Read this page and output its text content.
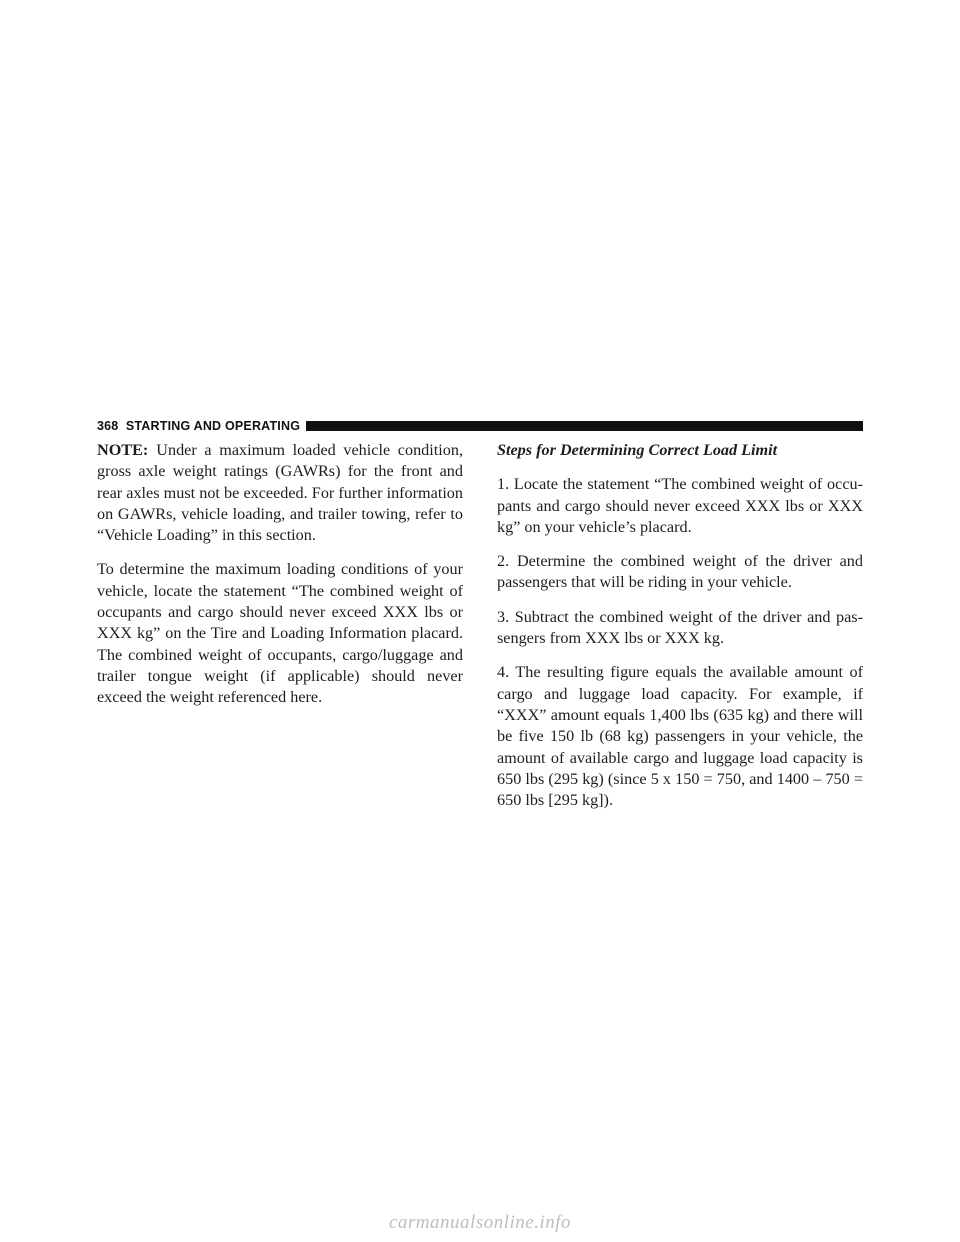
368 STARTING AND OPERATING

NOTE: Under a maximum loaded vehicle condition, gross axle weight ratings (GAWRs) for the front and rear axles must not be exceeded. For further information on GAWRs, vehicle loading, and trailer towing, refer to “Vehicle Loading” in this section.

To determine the maximum loading conditions of your vehicle, locate the statement “The combined weight of occupants and cargo should never exceed XXX lbs or XXX kg” on the Tire and Loading Information placard. The combined weight of occupants, cargo/luggage and trailer tongue weight (if applicable) should never exceed the weight referenced here.

Steps for Determining Correct Load Limit

1. Locate the statement “The combined weight of occu-pants and cargo should never exceed XXX lbs or XXX kg” on your vehicle’s placard.

2. Determine the combined weight of the driver and passengers that will be riding in your vehicle.

3. Subtract the combined weight of the driver and pas-sengers from XXX lbs or XXX kg.

4. The resulting figure equals the available amount of cargo and luggage load capacity. For example, if “XXX” amount equals 1,400 lbs (635 kg) and there will be five 150 lb (68 kg) passengers in your vehicle, the amount of available cargo and luggage load capacity is 650 lbs (295 kg) (since 5 x 150 = 750, and 1400 – 750 = 650 lbs [295 kg]).

carmanualsonline.info
